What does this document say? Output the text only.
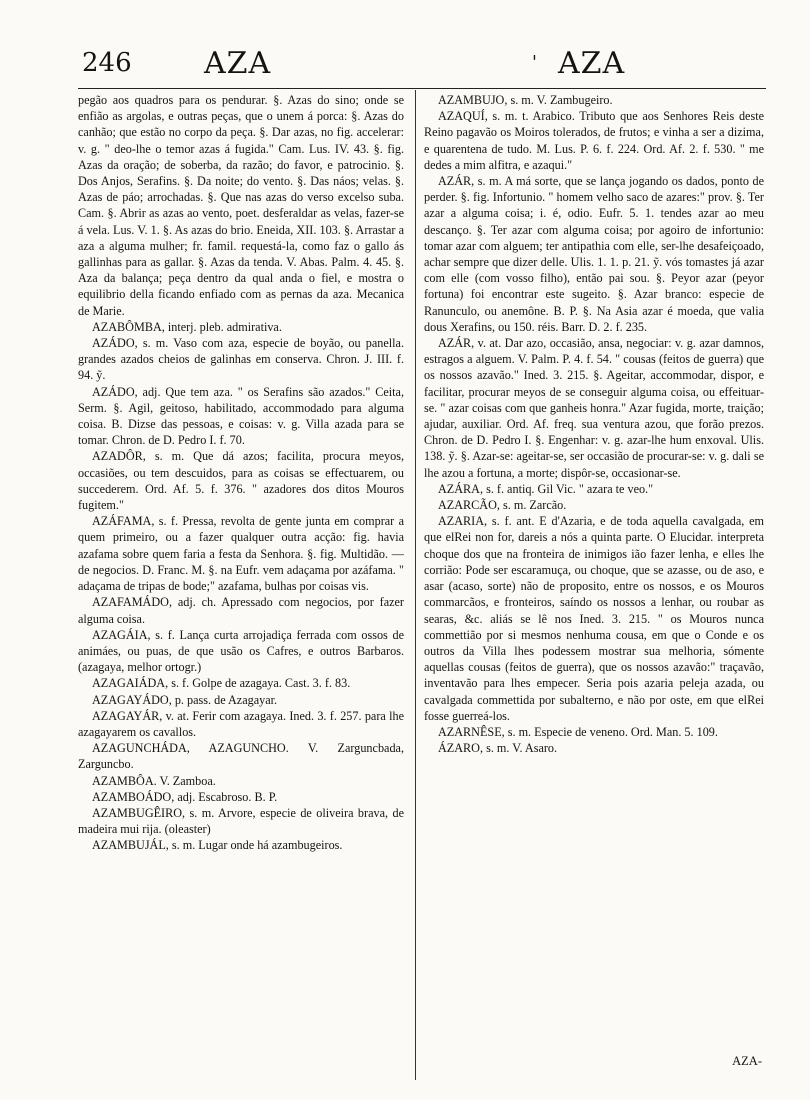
246 AZA	' AZA

pegão aos quadros para os pendurar. §. Azas do sino; onde se enfião as argolas, e outras peças, que o unem á porca: §. Azas do canhão; que estão no corpo da peça. §. Dar azas, no fig. accelerar: v. g. " deo-lhe o temor azas á fugida." Cam. Lus. IV. 43. §. fig. Azas da oração; de soberba, da razão; do favor, e patrocinio. §. Dos Anjos, Serafins. §. Da noite; do vento. §. Das náos; velas. §. Azas de páo; arrochadas. §. Que nas azas do verso excelso suba. Cam. §. Abrir as azas ao vento, poet. desferaldar as velas, fazer-se á vela. Lus. V. 1. §. As azas do brio. Eneida, XII. 103. §. Arrastar a aza a alguma mulher; fr. famil. requestá-la, como faz o gallo ás gallinhas para as gallar. §. Azas da tenda. V. Abas. Palm. 4. 45. §. Aza da balança; peça dentro da qual anda o fiel, e mostra o equilibrio della ficando enfiado com as pernas da aza. Mecanica de Marie.

AZABÔMBA, interj. pleb. admirativa.

AZÁDO, s. m. Vaso com aza, especie de boyão, ou panella. grandes azados cheios de galinhas em conserva. Chron. J. III. f. 94. ỹ.

AZÁDO, adj. Que tem aza. " os Serafins são azados." Ceita, Serm. §. Agil, geitoso, habilitado, accommodado para alguma coisa. B. Dizse das pessoas, e coisas: v. g. Villa azada para se tomar. Chron. de D. Pedro I. f. 70.

AZADÔR, s. m. Que dá azos; facilita, procura meyos, occasiões, ou tem descuidos, para as coisas se effectuarem, ou succederem. Ord. Af. 5. f. 376. " azadores dos ditos Mouros fugitem."

AZÁFAMA, s. f. Pressa, revolta de gente junta em comprar a quem primeiro, ou a fazer qualquer outra acção: fig. havia azafama sobre quem faria a festa da Senhora. §. fig. Multidão. — de negocios. D. Franc. M. §. na Eufr. vem adaçama por azáfama. " adaçama de tripas de bode;" azafama, bulhas por coisas vis.

AZAFAMÁDO, adj. ch. Apressado com negocios, por fazer alguma coisa.

AZAGÁIA, s. f. Lança curta arrojadiça ferrada com ossos de animáes, ou puas, de que usão os Cafres, e outros Barbaros. (azagaya, melhor ortogr.)

AZAGAIÁDA, s. f. Golpe de azagaya. Cast. 3. f. 83.

AZAGAYÁDO, p. pass. de Azagayar.

AZAGAYÁR, v. at. Ferir com azagaya. Ined. 3. f. 257. para lhe azagayarem os cavallos.

AZAGUNCHÁDA, AZAGUNCHO. V. Zarguncbada, Zarguncbo.

AZAMBÔA. V. Zamboa.

AZAMBOÁDO, adj. Escabroso. B. P.

AZAMBUGÊIRO, s. m. Arvore, especie de oliveira brava, de madeira mui rija. (oleaster)

AZAMBUJÁL, s. m. Lugar onde há azambugeiros.

AZAMBUJO, s. m. V. Zambugeiro.

AZAQUÍ, s. m. t. Arabico. Tributo que aos Senhores Reis deste Reino pagavão os Moiros tolerados, de frutos; e vinha a ser a dizima, e quarentena de tudo. M. Lus. P. 6. f. 224. Ord. Af. 2. f. 530. " me dedes a mim alfitra, e azaqui."

AZÁR, s. m. A má sorte, que se lança jogando os dados, ponto de perder. §. fig. Infortunio. " homem velho saco de azares:" prov. §. Ter azar a alguma coisa; i. é, odio. Eufr. 5. 1. tendes azar ao meu descanço. §. Ter azar com alguma coisa; por agoiro de infortunio: tomar azar com alguem; ter antipathia com elle, ser-lhe desafeiçoado, achar sempre que dizer delle. Ulis. 1. 1. p. 21. ỹ. vós tomastes já azar com elle (com vosso filho), então pai sou. §. Peyor azar (peyor fortuna) foi encontrar este sugeito. §. Azar branco: especie de Ranunculo, ou anemône. B. P. §. Na Asia azar é moeda, que valia dous Xerafins, ou 150. réis. Barr. D. 2. f. 235.

AZÁR, v. at. Dar azo, occasião, ansa, negociar: v. g. azar damnos, estragos a alguem. V. Palm. P. 4. f. 54. " cousas (feitos de guerra) que os nossos azavão." Ined. 3. 215. §. Ageitar, accommodar, dispor, e facilitar, procurar meyos de se conseguir alguma coisa, ou effeituar-se. " azar coisas com que ganheis honra." Azar fugida, morte, traição; ajudar, auxiliar. Ord. Af. freq. sua ventura azou, que forão prezos. Chron. de D. Pedro I. §. Engenhar: v. g. azar-lhe hum enxoval. Ulis. 138. ỹ. §. Azar-se: ageitar-se, ser occasião de procurar-se: v. g. dali se lhe azou a fortuna, a morte; dispôr-se, occasionar-se.

AZÁRA, s. f. antiq. Gil Vic. " azara te veo."

AZARCÃO, s. m. Zarcão.

AZARIA, s. f. ant. E d'Azaria, e de toda aquella cavalgada, em que elRei non for, dareis a nós a quinta parte. O Elucidar. interpreta choque dos que na fronteira de inimigos ião fazer lenha, e elles lhe corrião: Pode ser escaramuça, ou choque, que se azasse, ou de aso, e asar (acaso, sorte) não de proposito, entre os nossos, e os Mouros commarcãos, e fronteiros, saíndo os nossos a lenhar, ou roubar as searas, &c. aliás se lê nos Ined. 3. 215. " os Mouros nunca commettião por si mesmos nenhuma cousa, em que o Conde e os outros da Villa lhes podessem mostrar sua melhoria, sómente aquellas cousas (feitos de guerra), que os nossos azavão:" traçavão, inventavão para lhes empecer. Seria pois azaria peleja azada, ou cavalgada commettida por subalterno, e não por oste, em que elRei fosse guerreá-los.

AZARNÊSE, s. m. Especie de veneno. Ord. Man. 5. 109.

ÁZARO, s. m. V. Asaro.

AZA-
